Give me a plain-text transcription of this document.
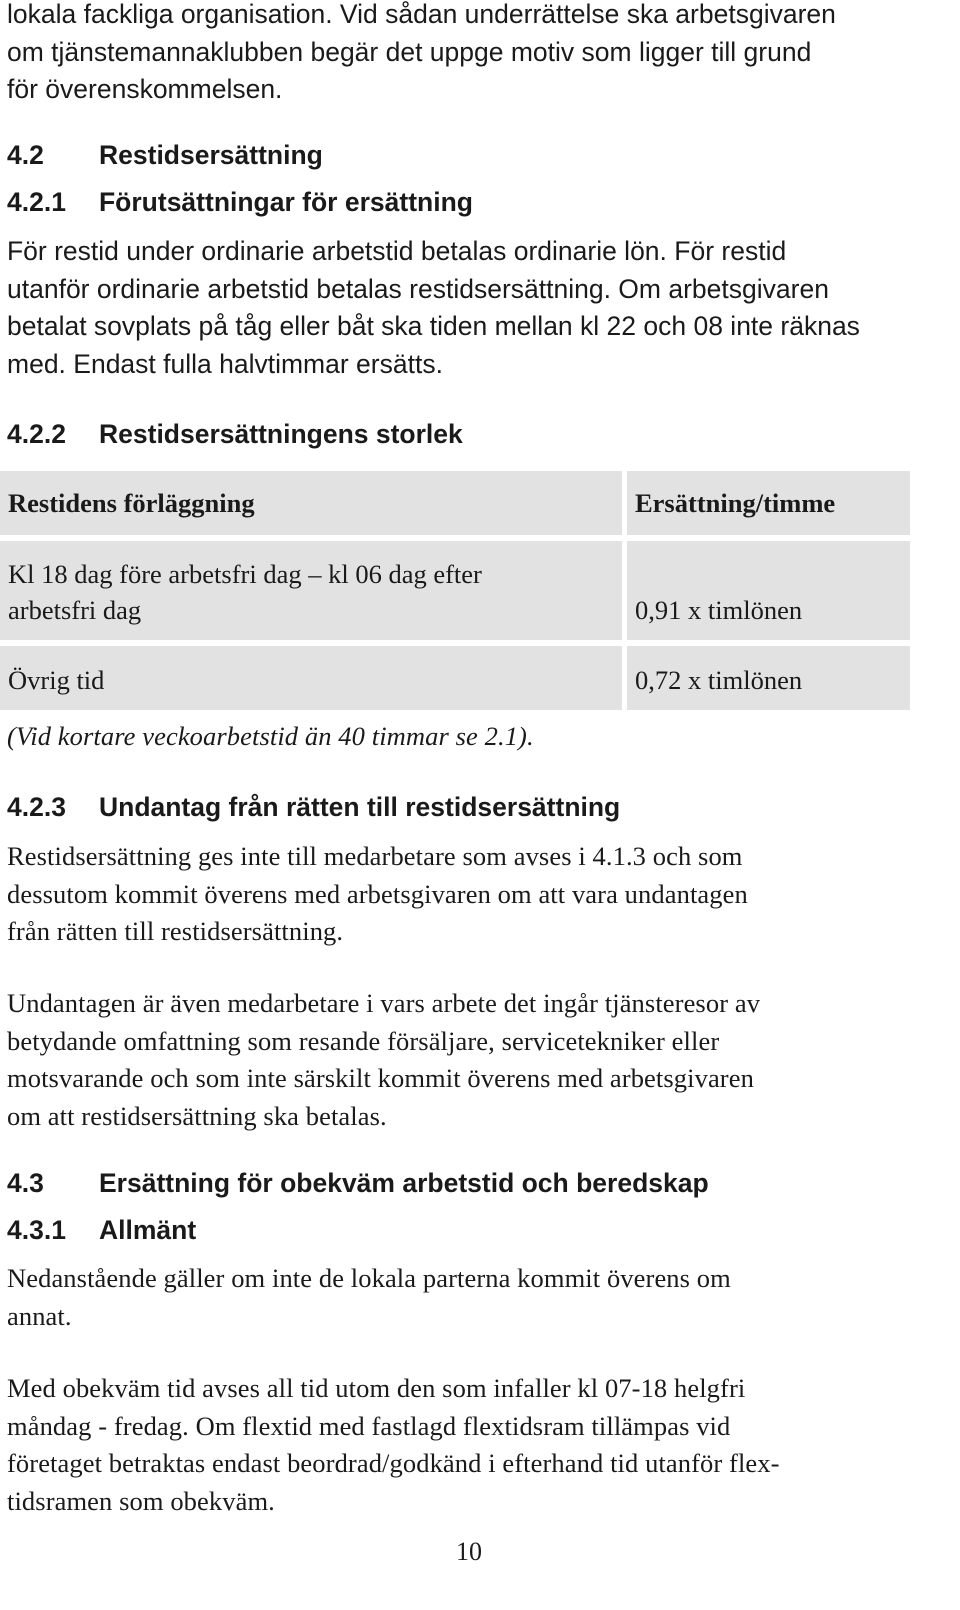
lokala fackliga organisation. Vid sådan underrättelse ska arbetsgivaren
om tjänstemannaklubben begär det uppge motiv som ligger till grund
för överenskommelsen.
4.2 Restidsersättning
4.2.1 Förutsättningar för ersättning
För restid under ordinarie arbetstid betalas ordinarie lön. För restid
utanför ordinarie arbetstid betalas restidsersättning. Om arbetsgivaren
betalat sovplats på tåg eller båt ska tiden mellan kl 22 och 08 inte räknas
med. Endast fulla halvtimmar ersätts.
4.2.2 Restidsersättningens storlek
Restidens förläggning	Ersättning/timme
Kl 18 dag före arbetsfri dag – kl 06 dag efter
arbetsfri dag	0,91 x timlönen
Övrig tid	0,72 x timlönen
(Vid kortare veckoarbetstid än 40 timmar se 2.1).
4.2.3 Undantag från rätten till restidsersättning
Restidsersättning ges inte till medarbetare som avses i 4.1.3 och som
dessutom kommit överens med arbetsgivaren om att vara undantagen
från rätten till restidsersättning.
Undantagen är även medarbetare i vars arbete det ingår tjänsteresor av
betydande omfattning som resande försäljare, servicetekniker eller
motsvarande och som inte särskilt kommit överens med arbetsgivaren
om att restidsersättning ska betalas.
4.3 Ersättning för obekväm arbetstid och beredskap
4.3.1 Allmänt
Nedanstående gäller om inte de lokala parterna kommit överens om
annat.
Med obekväm tid avses all tid utom den som infaller kl 07-18 helgfri
måndag - fredag. Om flextid med fastlagd flextidsram tillämpas vid
företaget betraktas endast beordrad/godkänd i efterhand tid utanför flex-
tidsramen som obekväm.
10
